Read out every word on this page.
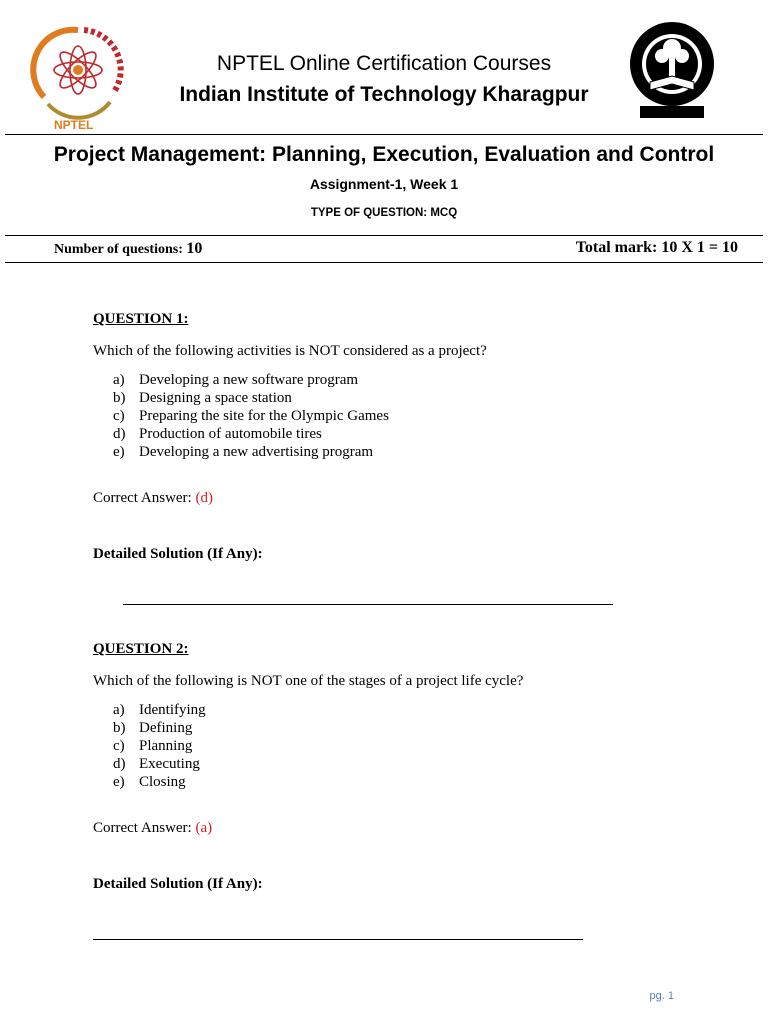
NPTEL
NPTEL Online Certification Courses
Indian Institute of Technology Kharagpur
Project Management: Planning, Execution, Evaluation and Control
Assignment-1, Week 1
TYPE OF QUESTION: MCQ
Number of questions: 10	Total mark: 10 X 1 = 10
QUESTION 1:
Which of the following activities is NOT considered as a project?
a) Developing a new software program
b) Designing a space station
c) Preparing the site for the Olympic Games
d) Production of automobile tires
e) Developing a new advertising program
Correct Answer: (d)
Detailed Solution (If Any):
QUESTION 2:
Which of the following is NOT one of the stages of a project life cycle?
a) Identifying
b) Defining
c) Planning
d) Executing
e) Closing
Correct Answer: (a)
Detailed Solution (If Any):
pg. 1
